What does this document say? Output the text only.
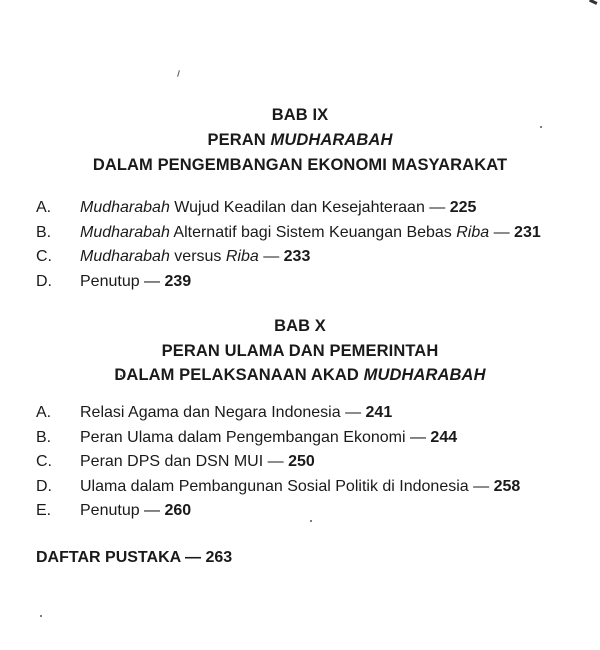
BAB IX
PERAN MUDHARABAH
DALAM PENGEMBANGAN EKONOMI MASYARAKAT
A. Mudharabah Wujud Keadilan dan Kesejahteraan — 225
B. Mudharabah Alternatif bagi Sistem Keuangan Bebas Riba — 231
C. Mudharabah versus Riba — 233
D. Penutup — 239
BAB X
PERAN ULAMA DAN PEMERINTAH
DALAM PELAKSANAAN AKAD MUDHARABAH
A. Relasi Agama dan Negara Indonesia — 241
B. Peran Ulama dalam Pengembangan Ekonomi — 244
C. Peran DPS dan DSN MUI — 250
D. Ulama dalam Pembangunan Sosial Politik di Indonesia — 258
E. Penutup — 260
DAFTAR PUSTAKA — 263
